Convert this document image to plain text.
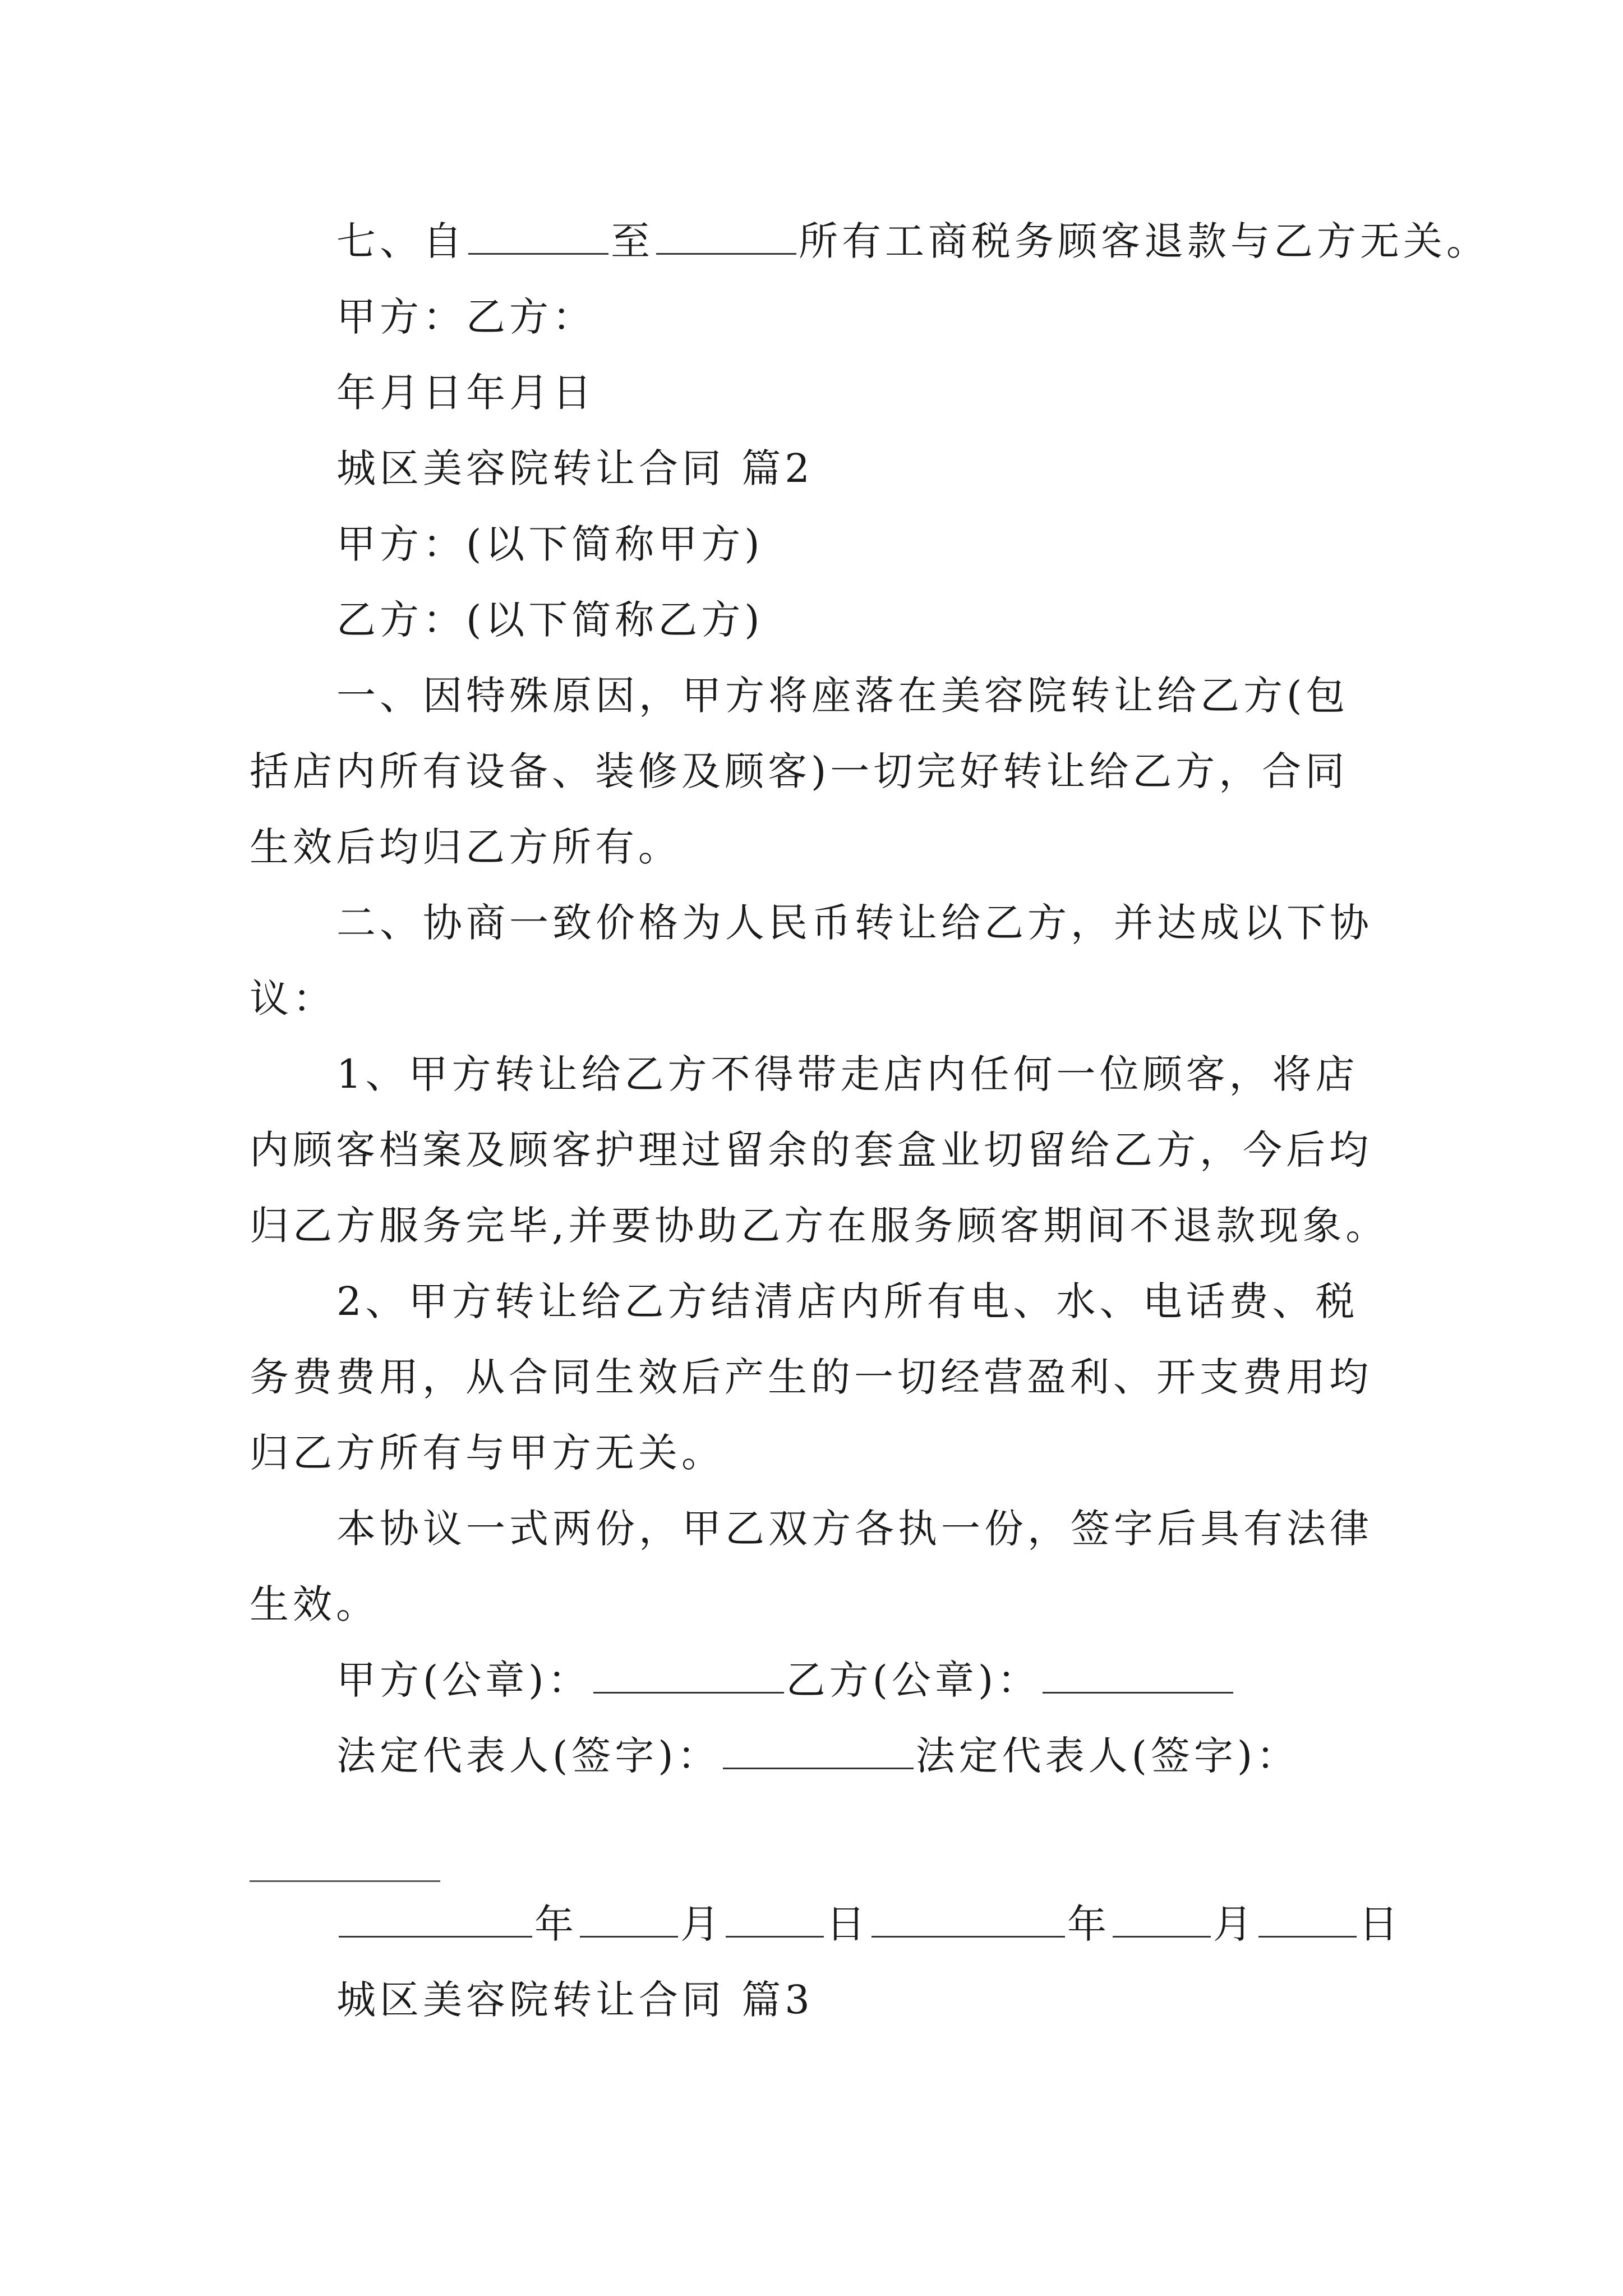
七、自	至	所有工商税务顾客退款与乙方无关。
甲方：乙方：
年月日年月日
城区美容院转让合同 篇2
甲方：(以下简称甲方)
乙方：(以下简称乙方)
一、因特殊原因，甲方将座落在美容院转让给乙方(包
括店内所有设备、装修及顾客)一切完好转让给乙方，合同
生效后均归乙方所有。
二、协商一致价格为人民币转让给乙方，并达成以下协
议：
1、甲方转让给乙方不得带走店内任何一位顾客，将店
内顾客档案及顾客护理过留余的套盒业切留给乙方，今后均
归乙方服务完毕,并要协助乙方在服务顾客期间不退款现象。
2、甲方转让给乙方结清店内所有电、水、电话费、税
务费费用，从合同生效后产生的一切经营盈利、开支费用均
归乙方所有与甲方无关。
本协议一式两份，甲乙双方各执一份，签字后具有法律
生效。
甲方(公章)：	乙方(公章)：
法定代表人(签字)：	法定代表人(签字)：
年	月	日	年	月	日
城区美容院转让合同 篇3
